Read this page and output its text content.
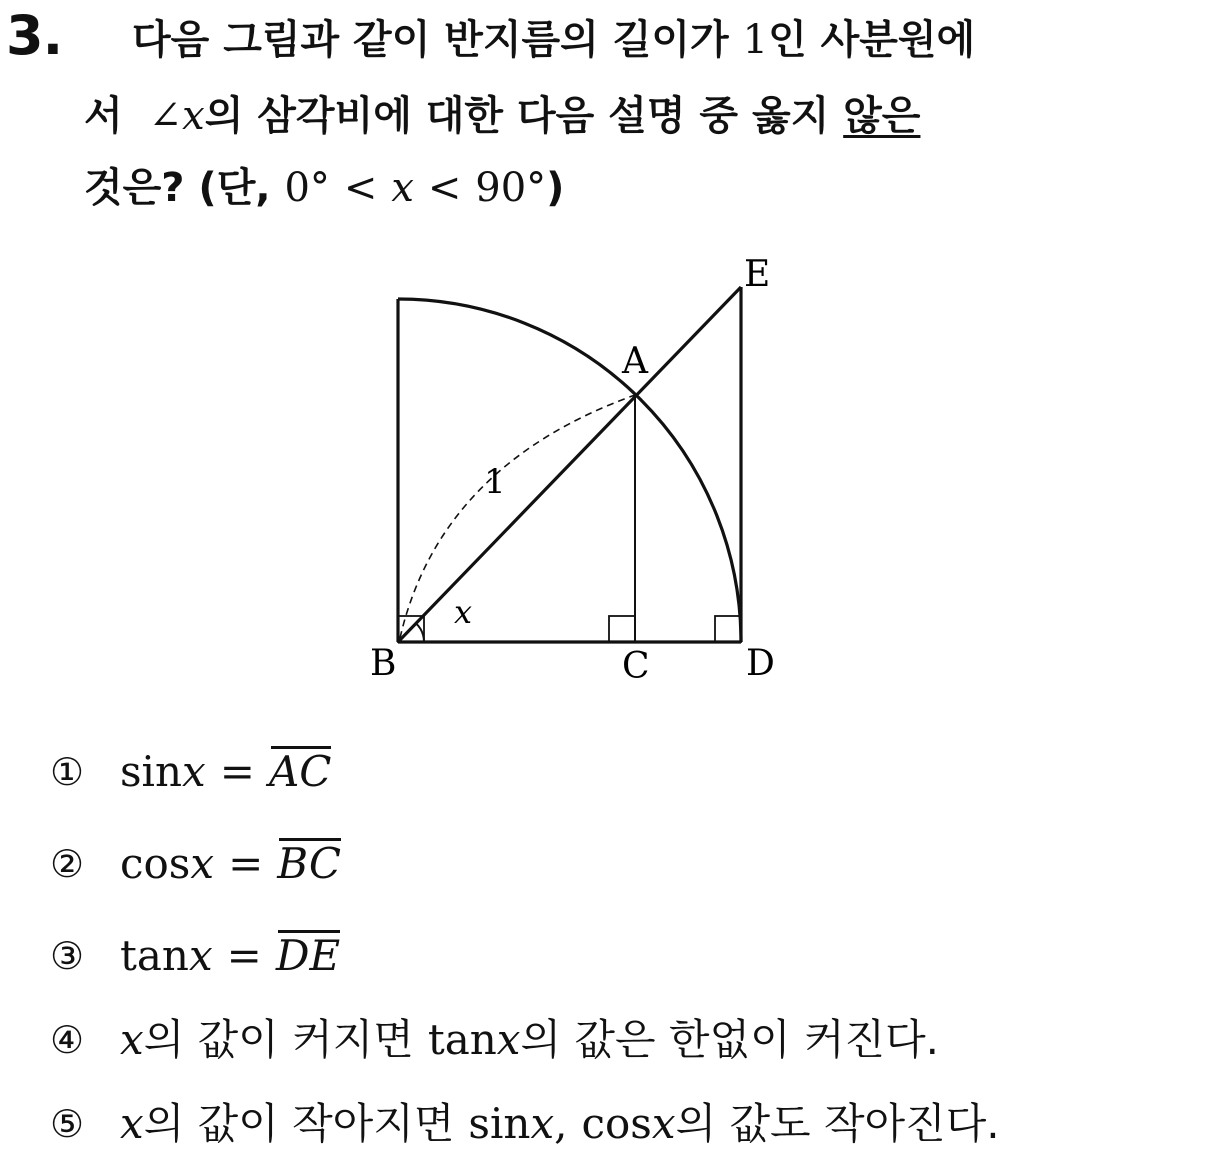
3. 다음 그림과 같이 반지름의 길이가 1인 사분원에
서 ∠x의 삼각비에 대한 다음 설명 중 옳지 않은
것은? (단, 0° < x < 90°)
A
B	C	D
E
1
x
① sin x = AC
② cos x = BC
③ tan x = DE
④ x 의 값이 커지면 tan x 의 값은 한없이 커진다.
⑤ x 의 값이 작아지면 sin x , cos x 의 값도 작아진다.
